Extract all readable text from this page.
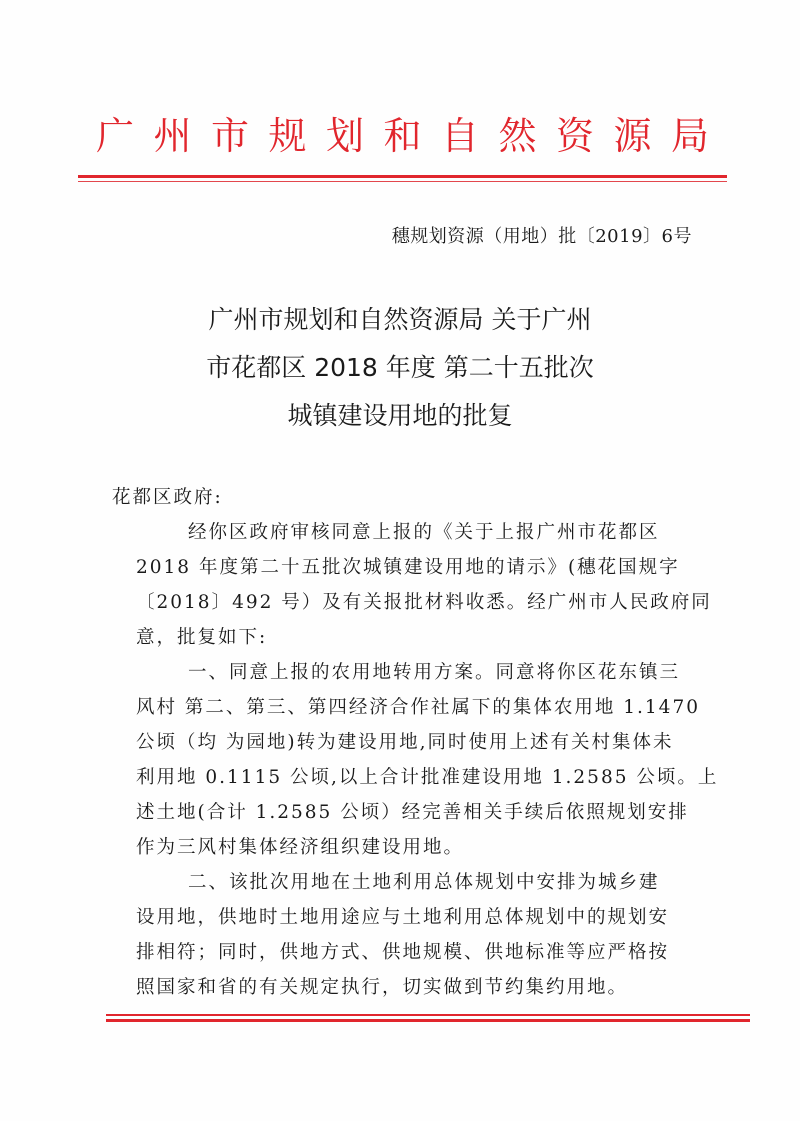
广州市规划和自然资源局
穗规划资源（用地）批〔2019〕6号
广州市规划和自然资源局 关于广州
市花都区 2018 年度 第二十五批次
城镇建设用地的批复
花都区政府:
经你区政府审核同意上报的《关于上报广州市花都区
2018 年度第二十五批次城镇建设用地的请示》(穗花国规字
〔2018〕492 号）及有关报批材料收悉。经广州市人民政府同
意，批复如下:
一、同意上报的农用地转用方案。同意将你区花东镇三
风村 第二、第三、第四经济合作社属下的集体农用地 1.1470
公顷（均 为园地)转为建设用地,同时使用上述有关村集体未
利用地 0.1115 公顷,以上合计批准建设用地 1.2585 公顷。上
述土地(合计 1.2585 公顷）经完善相关手续后依照规划安排
作为三风村集体经济组织建设用地。
二、该批次用地在土地利用总体规划中安排为城乡建
设用地，供地时土地用途应与土地利用总体规划中的规划安
排相符；同时，供地方式、供地规模、供地标准等应严格按
照国家和省的有关规定执行，切实做到节约集约用地。
